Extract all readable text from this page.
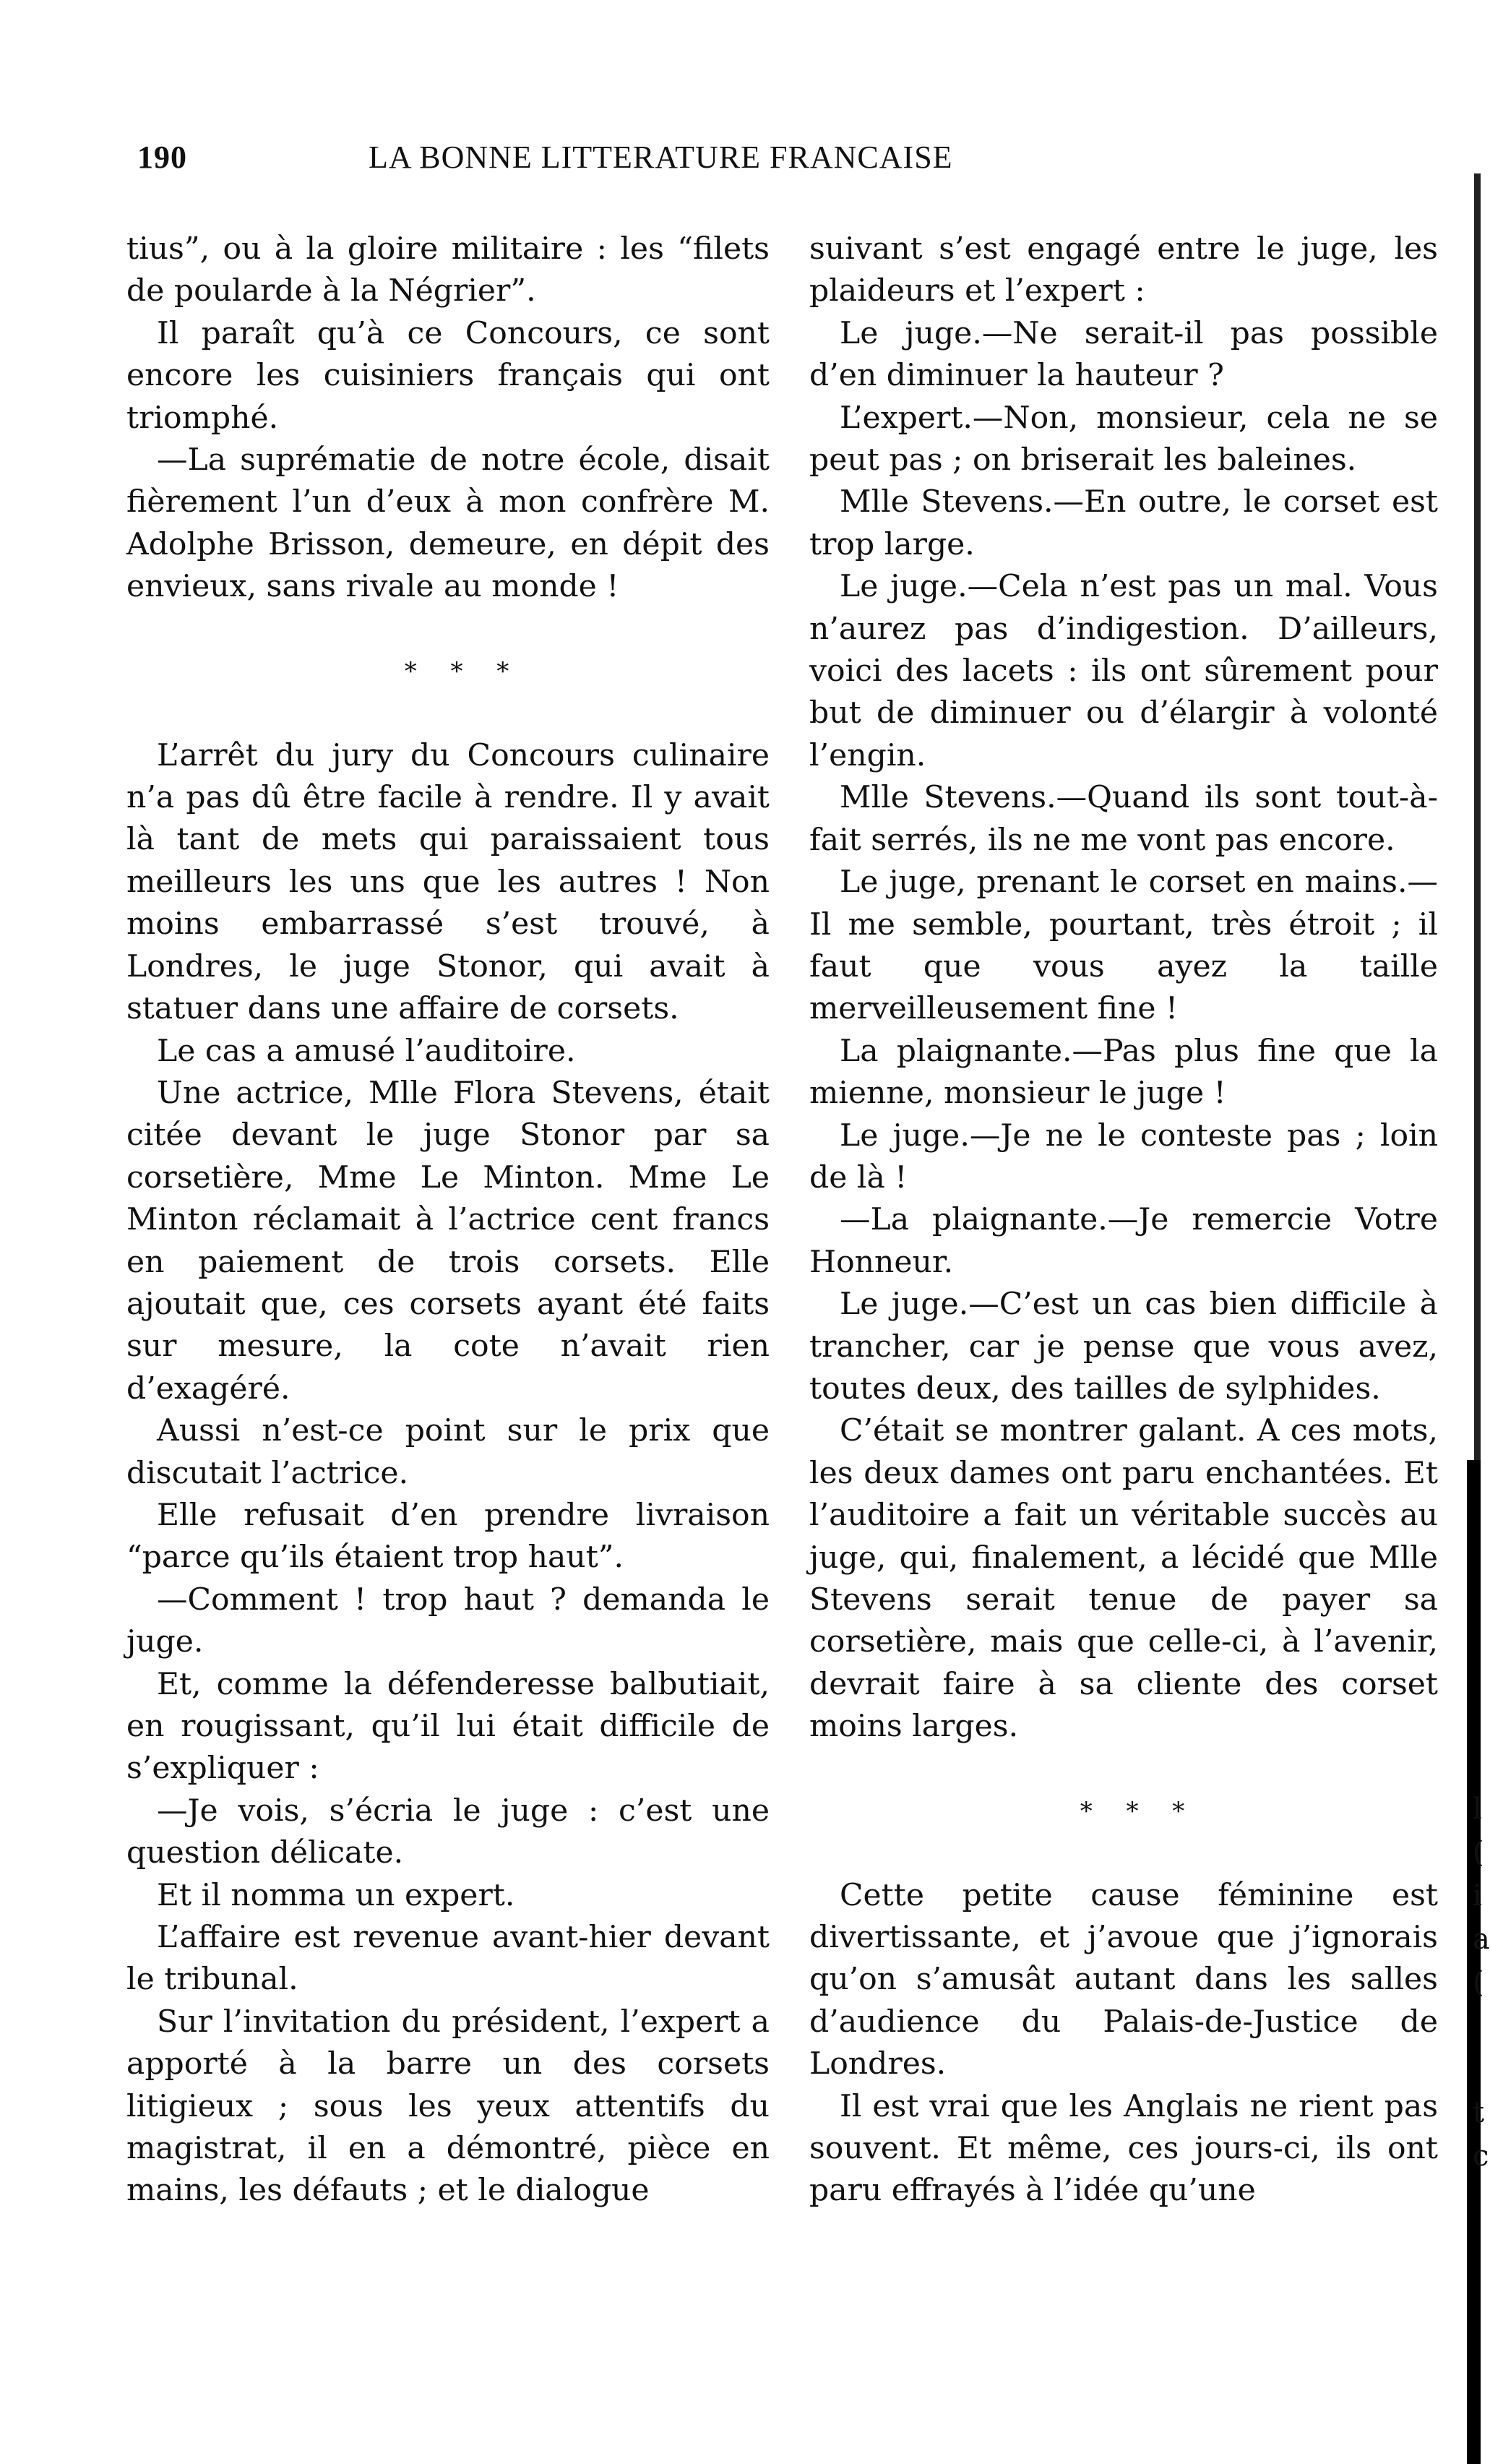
190	LA BONNE LITTERATURE FRANCAISE

tius”, ou à la gloire militaire : les “filets de poularde à la Négrier”.

Il paraît qu’à ce Concours, ce sont encore les cuisiniers français qui ont triomphé.

—La suprématie de notre école, disait fièrement l’un d’eux à mon confrère M. Adolphe Brisson, demeure, en dépit des envieux, sans rivale au monde !

* * *

L’arrêt du jury du Concours culinaire n’a pas dû être facile à rendre. Il y avait là tant de mets qui paraissaient tous meilleurs les uns que les autres ! Non moins embarrassé s’est trouvé, à Londres, le juge Stonor, qui avait à statuer dans une affaire de corsets.

Le cas a amusé l’auditoire.

Une actrice, Mlle Flora Stevens, était citée devant le juge Stonor par sa corsetière, Mme Le Minton. Mme Le Minton réclamait à l’actrice cent francs en paiement de trois corsets. Elle ajoutait que, ces corsets ayant été faits sur mesure, la cote n’avait rien d’exagéré.

Aussi n’est-ce point sur le prix que discutait l’actrice.

Elle refusait d’en prendre livraison “parce qu’ils étaient trop haut”.

—Comment ! trop haut ? demanda le juge.

Et, comme la défenderesse balbutiait, en rougissant, qu’il lui était difficile de s’expliquer :

—Je vois, s’écria le juge : c’est une question délicate.

Et il nomma un expert.

L’affaire est revenue avant-hier devant le tribunal.

Sur l’invitation du président, l’expert a apporté à la barre un des corsets litigieux ; sous les yeux attentifs du magistrat, il en a démontré, pièce en mains, les défauts ; et le dialogue

suivant s’est engagé entre le juge, les plaideurs et l’expert :

Le juge.—Ne serait-il pas possible d’en diminuer la hauteur ?

L’expert.—Non, monsieur, cela ne se peut pas ; on briserait les baleines.

Mlle Stevens.—En outre, le corset est trop large.

Le juge.—Cela n’est pas un mal. Vous n’aurez pas d’indigestion. D’ailleurs, voici des lacets : ils ont sûrement pour but de diminuer ou d’élargir à volonté l’engin.

Mlle Stevens.—Quand ils sont tout-à-fait serrés, ils ne me vont pas encore.

Le juge, prenant le corset en mains.—Il me semble, pourtant, très étroit ; il faut que vous ayez la taille merveilleusement fine !

La plaignante.—Pas plus fine que la mienne, monsieur le juge !

Le juge.—Je ne le conteste pas ; loin de là !

—La plaignante.—Je remercie Votre Honneur.

Le juge.—C’est un cas bien difficile à trancher, car je pense que vous avez, toutes deux, des tailles de sylphides.

C’était se montrer galant. A ces mots, les deux dames ont paru enchantées. Et l’auditoire a fait un véritable succès au juge, qui, finalement, a lécidé que Mlle Stevens serait tenue de payer sa corsetière, mais que celle-ci, à l’avenir, devrait faire à sa cliente des corset moins larges.

* * *

Cette petite cause féminine est divertissante, et j’avoue que j’ignorais qu’on s’amusât autant dans les salles d’audience du Palais-de-Justice de Londres.

Il est vrai que les Anglais ne rient pas souvent. Et même, ces jours-ci, ils ont paru effrayés à l’idée qu’une

l
(
i
a
(
t
c
